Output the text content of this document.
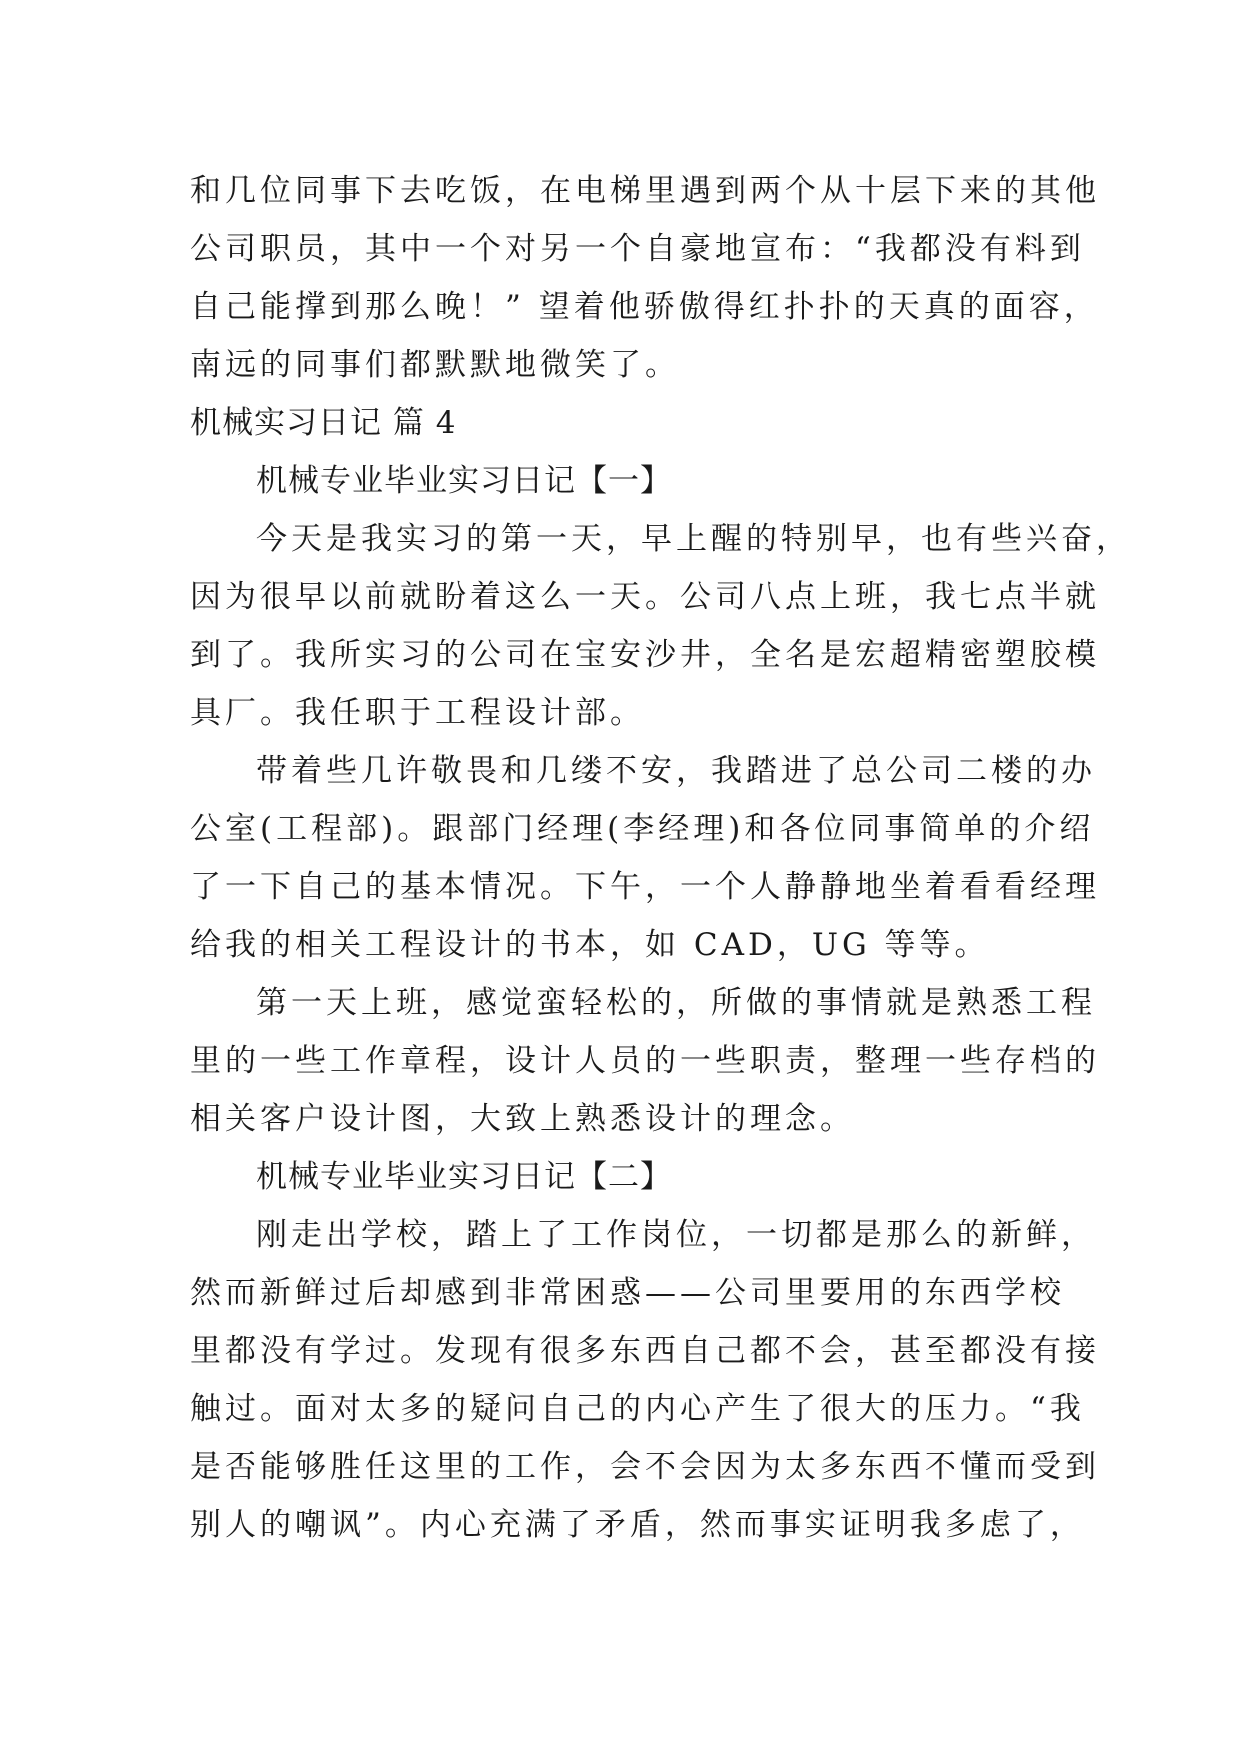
和几位同事下去吃饭，在电梯里遇到两个从十层下来的其他
公司职员，其中一个对另一个自豪地宣布：“我都没有料到
自己能撑到那么晚！” 望着他骄傲得红扑扑的天真的面容，
南远的同事们都默默地微笑了。
机械实习日记 篇 4
机械专业毕业实习日记【一】
今天是我实习的第一天，早上醒的特别早，也有些兴奋，
因为很早以前就盼着这么一天。公司八点上班，我七点半就
到了。我所实习的公司在宝安沙井，全名是宏超精密塑胶模
具厂。我任职于工程设计部。
带着些几许敬畏和几缕不安，我踏进了总公司二楼的办
公室(工程部)。跟部门经理(李经理)和各位同事简单的介绍
了一下自己的基本情况。下午，一个人静静地坐着看看经理
给我的相关工程设计的书本，如 CAD，UG 等等。
第一天上班，感觉蛮轻松的，所做的事情就是熟悉工程
里的一些工作章程，设计人员的一些职责，整理一些存档的
相关客户设计图，大致上熟悉设计的理念。
机械专业毕业实习日记【二】
刚走出学校，踏上了工作岗位，一切都是那么的新鲜，
然而新鲜过后却感到非常困惑——公司里要用的东西学校
里都没有学过。发现有很多东西自己都不会，甚至都没有接
触过。面对太多的疑问自己的内心产生了很大的压力。“我
是否能够胜任这里的工作，会不会因为太多东西不懂而受到
别人的嘲讽”。内心充满了矛盾，然而事实证明我多虑了，
